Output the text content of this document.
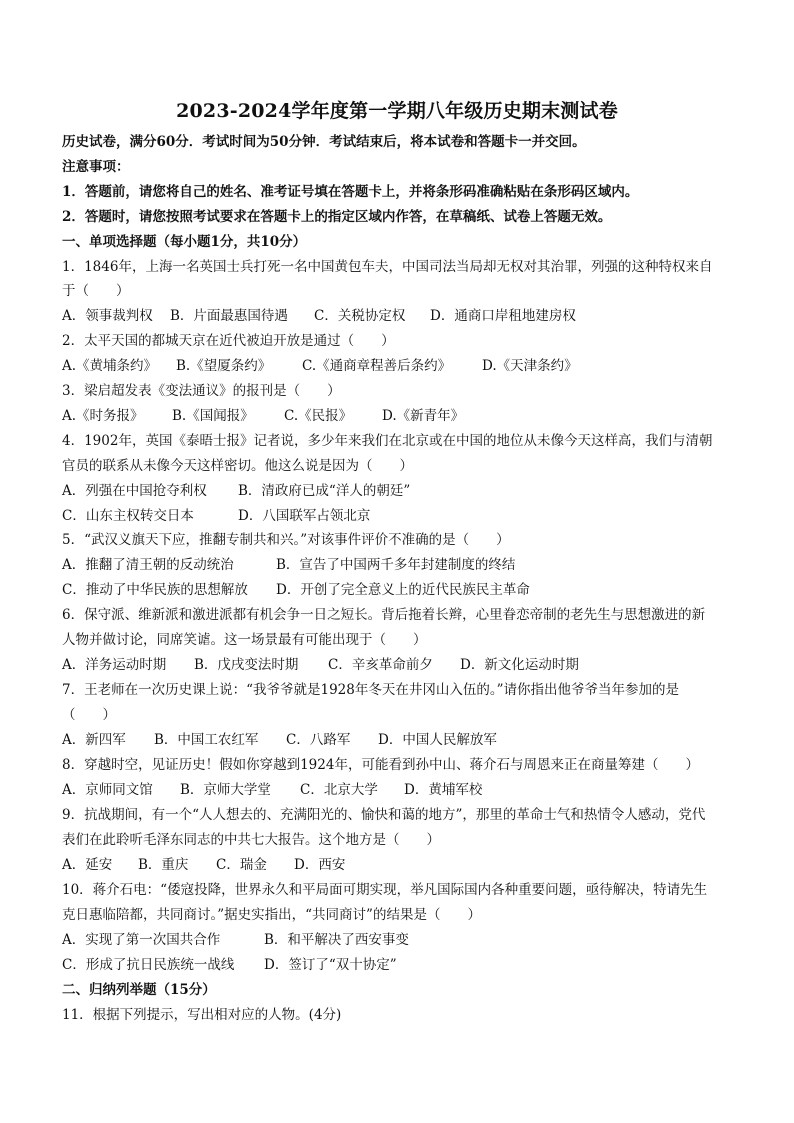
2023-2024学年度第一学期八年级历史期末测试卷
历史试卷，满分60分．考试时间为50分钟．考试结束后，将本试卷和答题卡一并交回。
注意事项：
1．答题前，请您将自己的姓名、准考证号填在答题卡上，并将条形码准确粘贴在条形码区域内。
2．答题时，请您按照考试要求在答题卡上的指定区域内作答，在草稿纸、试卷上答题无效。
一、单项选择题（每小题1分，共10分）
1．1846年，上海一名英国士兵打死一名中国黄包车夫，中国司法当局却无权对其治罪，列强的这种特权来自
于（　　）
A．领事裁判权	B．片面最惠国待遇	C．关税协定权	D．通商口岸租地建房权
2．太平天国的都城天京在近代被迫开放是通过（　　）
A.《黄埔条约》	B.《望厦条约》	C.《通商章程善后条约》	D.《天津条约》
3．梁启超发表《变法通议》的报刊是（　　）
A.《时务报》	B.《国闻报》	C.《民报》	D.《新青年》
4．1902年，英国《泰晤士报》记者说，多少年来我们在北京或在中国的地位从未像今天这样高，我们与清朝
官员的联系从未像今天这样密切。他这么说是因为（　　）
A．列强在中国抢夺利权	B．清政府已成“洋人的朝廷”
C．山东主权转交日本	D．八国联军占领北京
5．“武汉义旗天下应，推翻专制共和兴。”对该事件评价不准确的是（　　）
A．推翻了清王朝的反动统治	B．宣告了中国两千多年封建制度的终结
C．推动了中华民族的思想解放	D．开创了完全意义上的近代民族民主革命
6．保守派、维新派和激进派都有机会争一日之短长。背后拖着长辫，心里眷恋帝制的老先生与思想激进的新
人物并做讨论，同席笑谑。这一场景最有可能出现于（　　）
A．洋务运动时期	B．戊戌变法时期	C．辛亥革命前夕	D．新文化运动时期
7．王老师在一次历史课上说：“我爷爷就是1928年冬天在井冈山入伍的。”请你指出他爷爷当年参加的是
（　　）
A．新四军	B．中国工农红军	C．八路军	D．中国人民解放军
8．穿越时空，见证历史！假如你穿越到1924年，可能看到孙中山、蒋介石与周恩来正在商量筹建（　　）
A．京师同文馆	B．京师大学堂	C．北京大学	D．黄埔军校
9．抗战期间，有一个“人人想去的、充满阳光的、愉快和蔼的地方”，那里的革命士气和热情令人感动，党代
表们在此聆听毛泽东同志的中共七大报告。这个地方是（　　）
A．延安	B．重庆	C．瑞金	D．西安
10．蒋介石电：“倭寇投降，世界永久和平局面可期实现，举凡国际国内各种重要问题，亟待解决，特请先生
克日惠临陪都，共同商讨。”据史实指出，“共同商讨”的结果是（　　）
A．实现了第一次国共合作	B．和平解决了西安事变
C．形成了抗日民族统一战线	D．签订了“双十协定”
二、归纳列举题（15分）
11．根据下列提示，写出相对应的人物。(4分)
